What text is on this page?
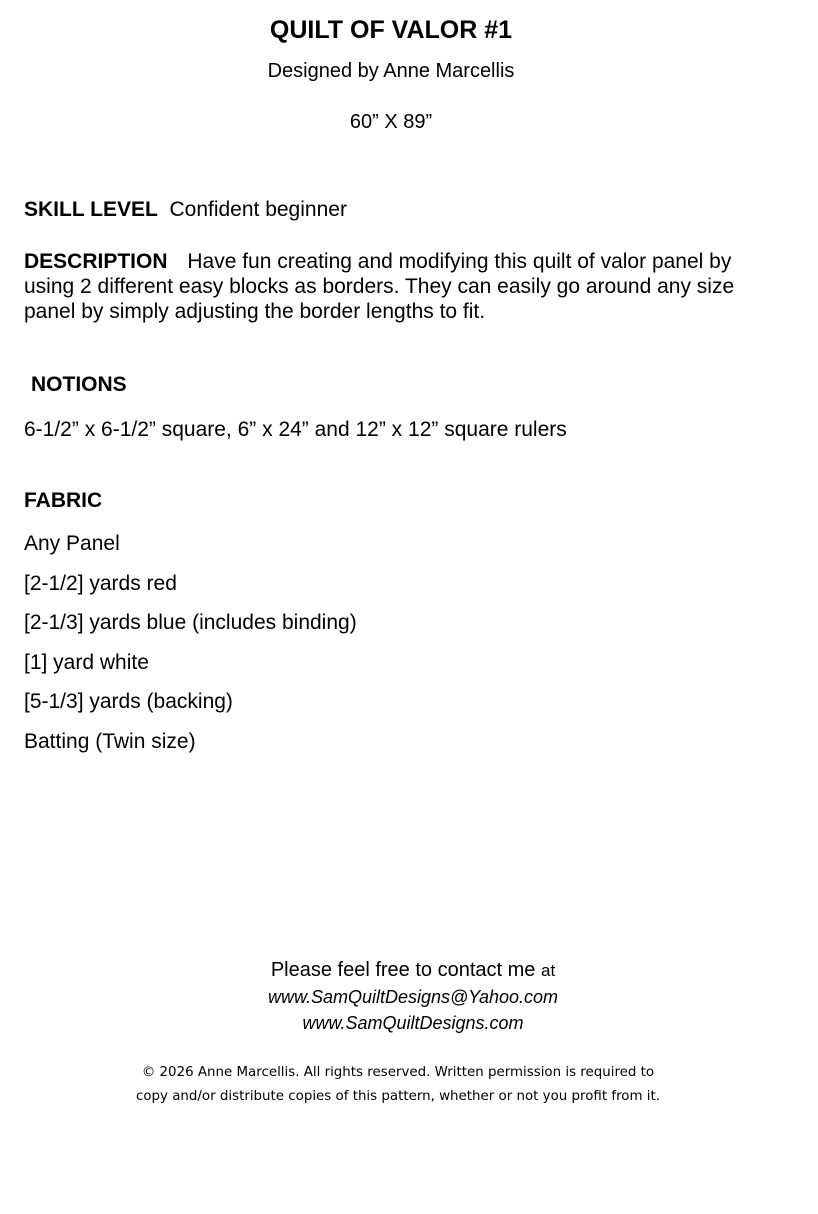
QUILT OF VALOR #1
Designed by Anne Marcellis
60” X 89”
SKILL LEVEL Confident beginner
DESCRIPTION Have fun creating and modifying this quilt of valor panel by using 2 different easy blocks as borders. They can easily go around any size panel by simply adjusting the border lengths to fit.
NOTIONS
6-1/2” x 6-1/2” square, 6” x 24” and 12” x 12” square rulers
FABRIC
Any Panel
[2-1/2] yards red
[2-1/3] yards blue (includes binding)
[1] yard white
[5-1/3] yards (backing)
Batting (Twin size)
Please feel free to contact me at
www.SamQuiltDesigns@Yahoo.com
www.SamQuiltDesigns.com
© 2026 Anne Marcellis. All rights reserved. Written permission is required to
copy and/or distribute copies of this pattern, whether or not you profit from it.
